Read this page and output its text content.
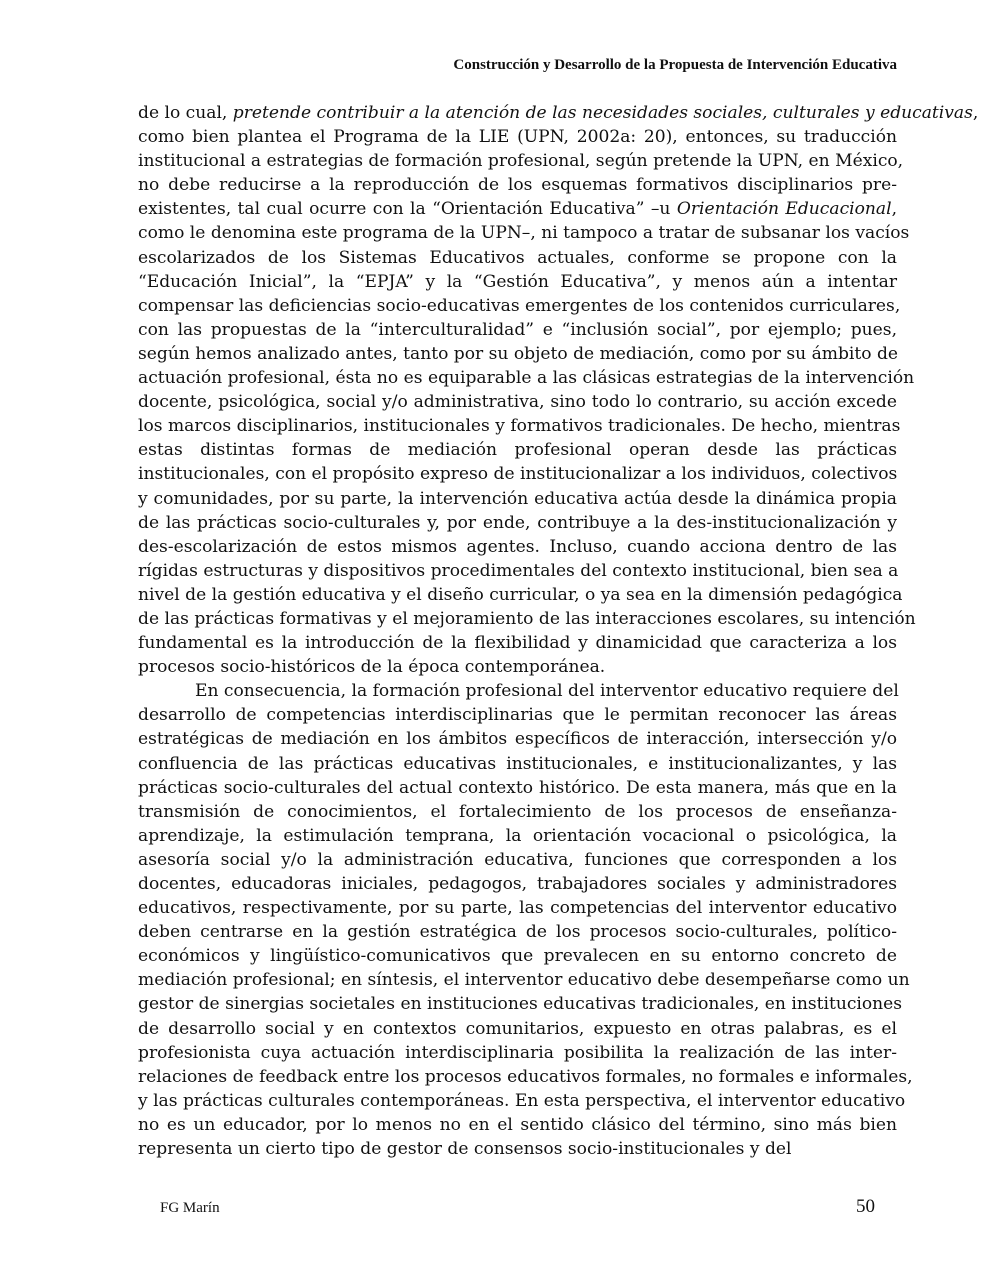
Construcción y Desarrollo de la Propuesta de Intervención Educativa
de lo cual, pretende contribuir a la atención de las necesidades sociales, culturales y educativas,
como bien plantea el Programa de la LIE (UPN, 2002a: 20), entonces, su traducción
institucional a estrategias de formación profesional, según pretende la UPN, en México,
no debe reducirse a la reproducción de los esquemas formativos disciplinarios pre-
existentes, tal cual ocurre con la “Orientación Educativa” –u Orientación Educacional,
como le denomina este programa de la UPN–, ni tampoco a tratar de subsanar los vacíos
escolarizados de los Sistemas Educativos actuales, conforme se propone con la
“Educación Inicial”, la “EPJA” y la “Gestión Educativa”, y menos aún a intentar
compensar las deficiencias socio-educativas emergentes de los contenidos curriculares,
con las propuestas de la “interculturalidad” e “inclusión social”, por ejemplo; pues,
según hemos analizado antes, tanto por su objeto de mediación, como por su ámbito de
actuación profesional, ésta no es equiparable a las clásicas estrategias de la intervención
docente, psicológica, social y/o administrativa, sino todo lo contrario, su acción excede
los marcos disciplinarios, institucionales y formativos tradicionales. De hecho, mientras
estas distintas formas de mediación profesional operan desde las prácticas
institucionales, con el propósito expreso de institucionalizar a los individuos, colectivos
y comunidades, por su parte, la intervención educativa actúa desde la dinámica propia
de las prácticas socio-culturales y, por ende, contribuye a la des-institucionalización y
des-escolarización de estos mismos agentes. Incluso, cuando acciona dentro de las
rígidas estructuras y dispositivos procedimentales del contexto institucional, bien sea a
nivel de la gestión educativa y el diseño curricular, o ya sea en la dimensión pedagógica
de las prácticas formativas y el mejoramiento de las interacciones escolares, su intención
fundamental es la introducción de la flexibilidad y dinamicidad que caracteriza a los
procesos socio-históricos de la época contemporánea.
En consecuencia, la formación profesional del interventor educativo requiere del
desarrollo de competencias interdisciplinarias que le permitan reconocer las áreas
estratégicas de mediación en los ámbitos específicos de interacción, intersección y/o
confluencia de las prácticas educativas institucionales, e institucionalizantes, y las
prácticas socio-culturales del actual contexto histórico. De esta manera, más que en la
transmisión de conocimientos, el fortalecimiento de los procesos de enseñanza-
aprendizaje, la estimulación temprana, la orientación vocacional o psicológica, la
asesoría social y/o la administración educativa, funciones que corresponden a los
docentes, educadoras iniciales, pedagogos, trabajadores sociales y administradores
educativos, respectivamente, por su parte, las competencias del interventor educativo
deben centrarse en la gestión estratégica de los procesos socio-culturales, político-
económicos y lingüístico-comunicativos que prevalecen en su entorno concreto de
mediación profesional; en síntesis, el interventor educativo debe desempeñarse como un
gestor de sinergias societales en instituciones educativas tradicionales, en instituciones
de desarrollo social y en contextos comunitarios, expuesto en otras palabras, es el
profesionista cuya actuación interdisciplinaria posibilita la realización de las inter-
relaciones de feedback entre los procesos educativos formales, no formales e informales,
y las prácticas culturales contemporáneas. En esta perspectiva, el interventor educativo
no es un educador, por lo menos no en el sentido clásico del término, sino más bien
representa un cierto tipo de gestor de consensos socio-institucionales y del
FG Marín	50
